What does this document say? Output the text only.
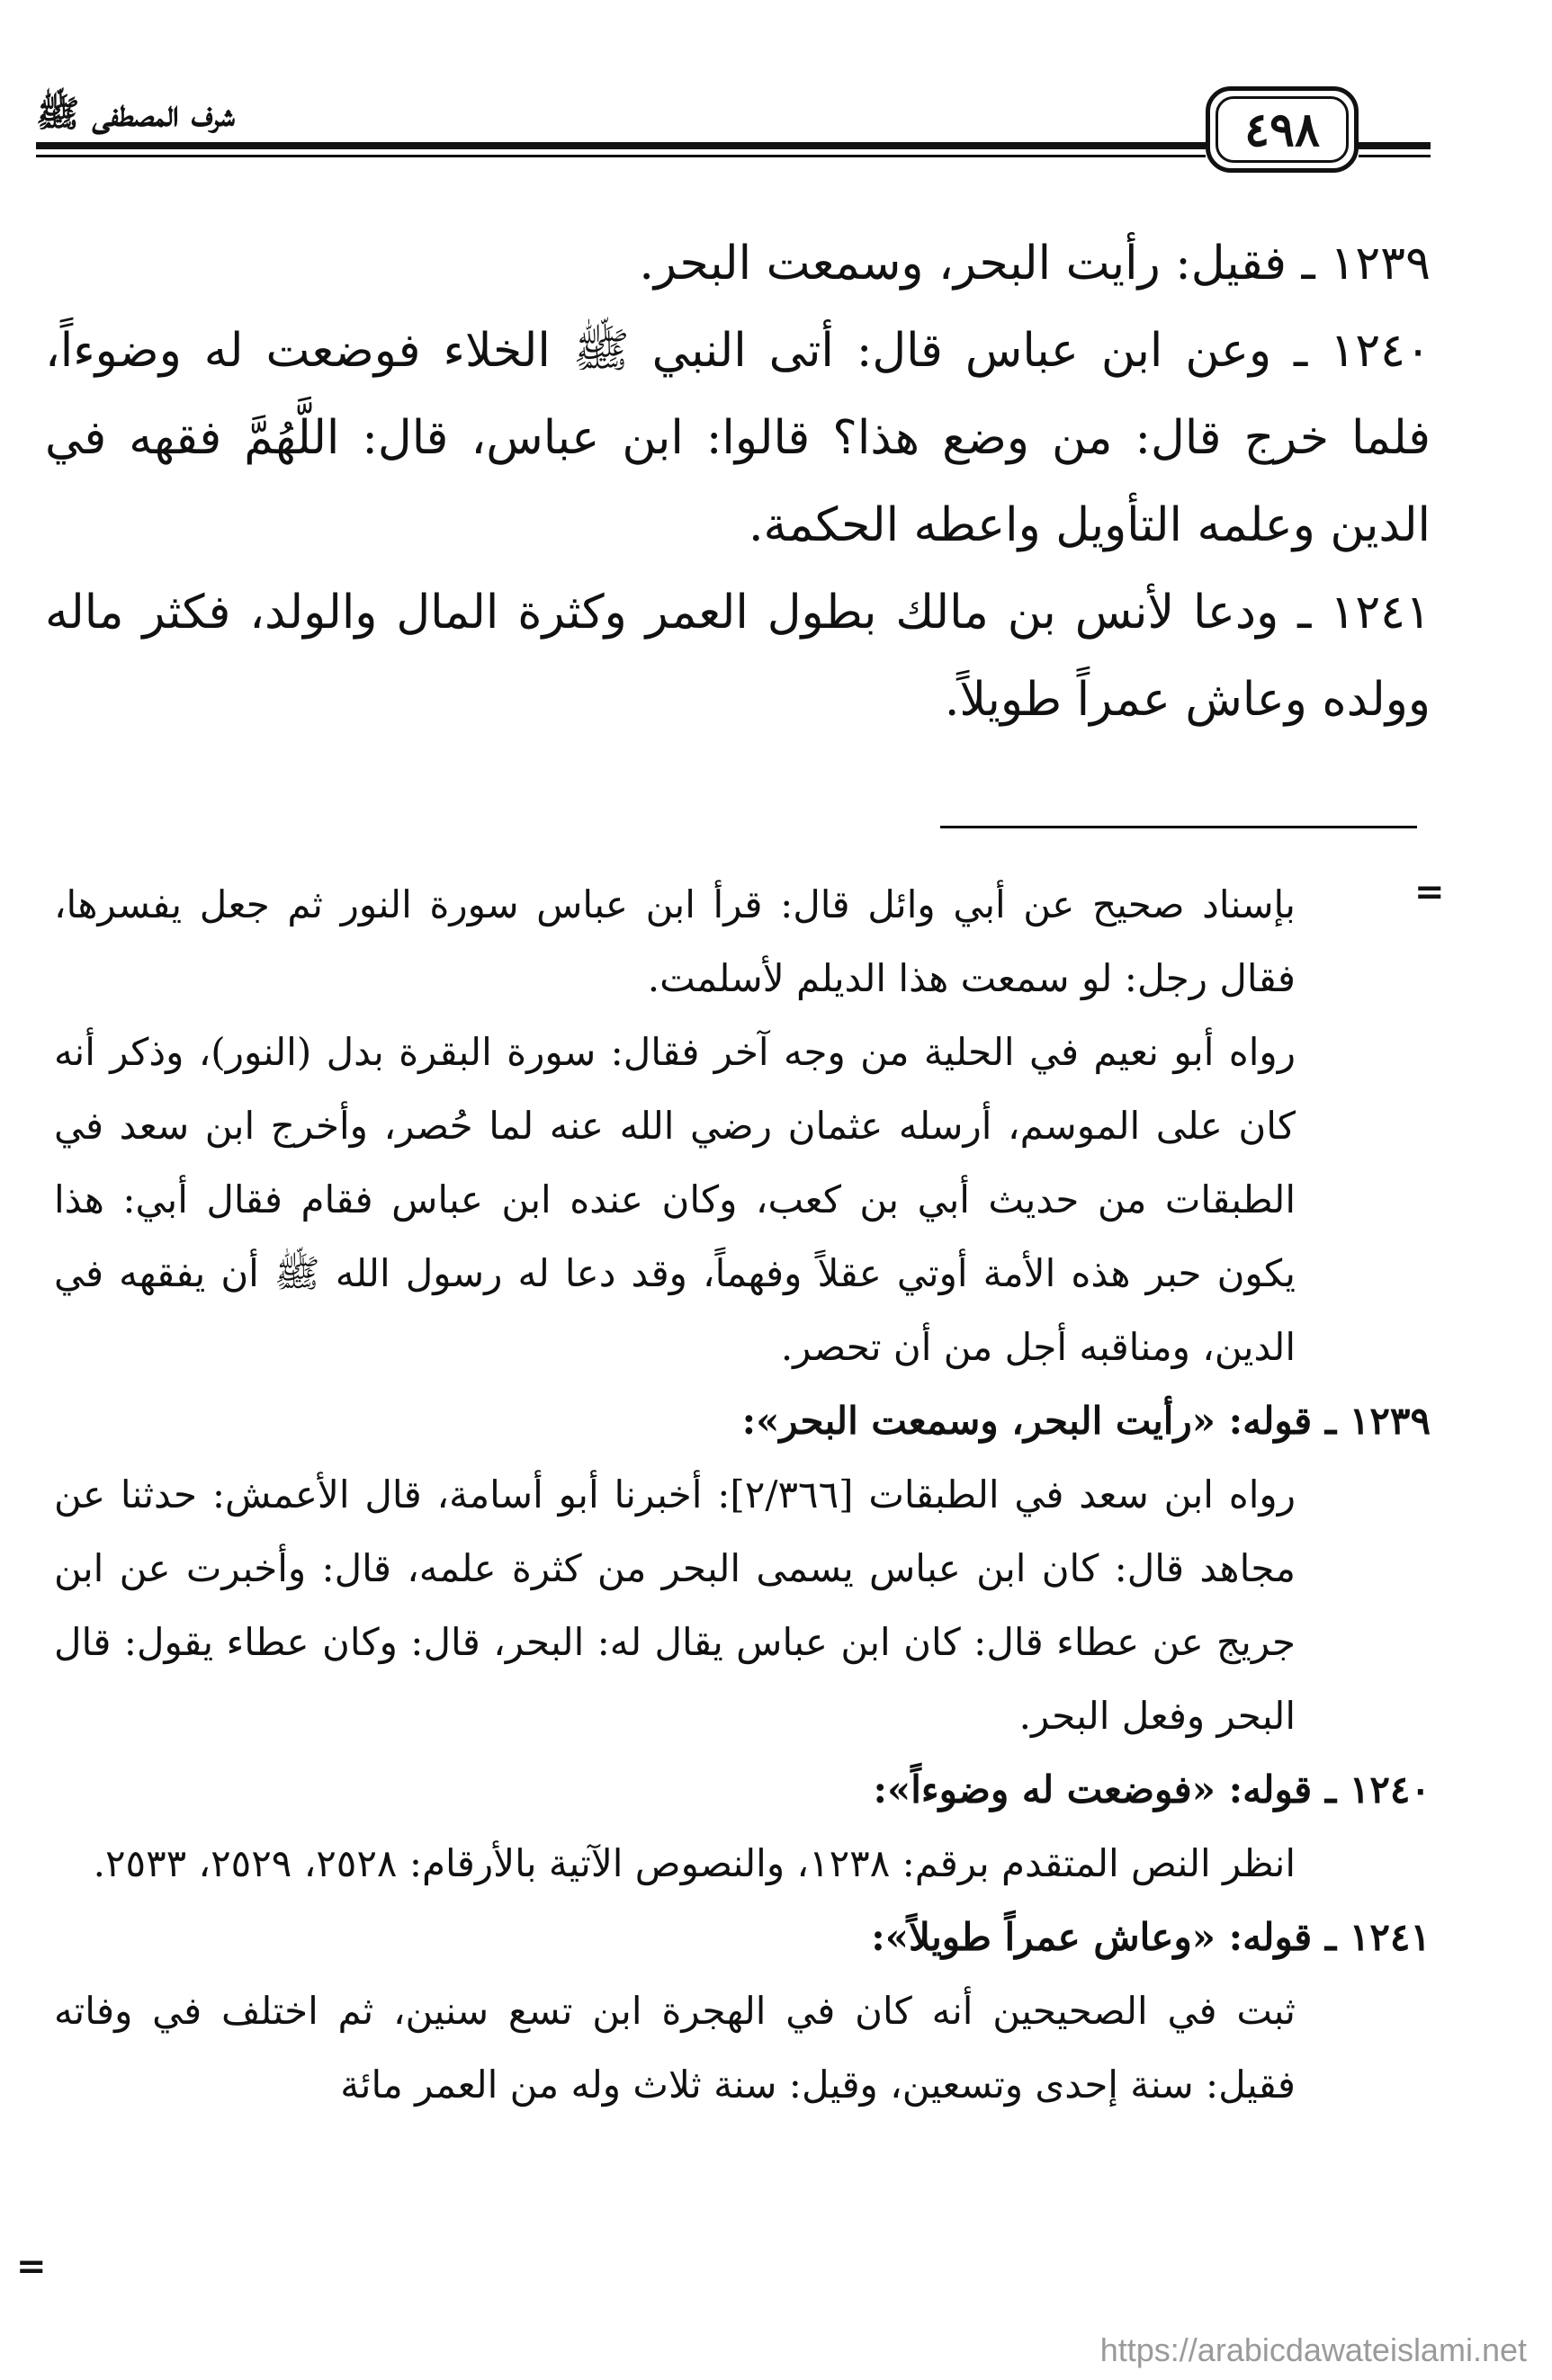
شرف المصطفى ﷺ	٤٩٨

١٢٣٩ ـ فقيل: رأيت البحر، وسمعت البحر.

١٢٤٠ ـ وعن ابن عباس قال: أتى النبي ﷺ الخلاء فوضعت له وضوءاً، فلما خرج قال: من وضع هذا؟ قالوا: ابن عباس، قال: اللَّهُمَّ فقهه في الدين وعلمه التأويل واعطه الحكمة.

١٢٤١ ـ ودعا لأنس بن مالك بطول العمر وكثرة المال والولد، فكثر ماله وولده وعاش عمراً طويلاً.

=

بإسناد صحيح عن أبي وائل قال: قرأ ابن عباس سورة النور ثم جعل يفسرها، فقال رجل: لو سمعت هذا الديلم لأسلمت.

رواه أبو نعيم في الحلية من وجه آخر فقال: سورة البقرة بدل (النور)، وذكر أنه كان على الموسم، أرسله عثمان رضي الله عنه لما حُصر، وأخرج ابن سعد في الطبقات من حديث أبي بن كعب، وكان عنده ابن عباس فقام فقال أبي: هذا يكون حبر هذه الأمة أوتي عقلاً وفهماً، وقد دعا له رسول الله ﷺ أن يفقهه في الدين، ومناقبه أجل من أن تحصر.

١٢٣٩ ـ قوله: «رأيت البحر، وسمعت البحر»:

رواه ابن سعد في الطبقات [٢/٣٦٦]: أخبرنا أبو أسامة، قال الأعمش: حدثنا عن مجاهد قال: كان ابن عباس يسمى البحر من كثرة علمه، قال: وأخبرت عن ابن جريج عن عطاء قال: كان ابن عباس يقال له: البحر، قال: وكان عطاء يقول: قال البحر وفعل البحر.

١٢٤٠ ـ قوله: «فوضعت له وضوءاً»:

انظر النص المتقدم برقم: ١٢٣٨، والنصوص الآتية بالأرقام: ٢٥٢٨، ٢٥٢٩، ٢٥٣٣.

١٢٤١ ـ قوله: «وعاش عمراً طويلاً»:

ثبت في الصحيحين أنه كان في الهجرة ابن تسع سنين، ثم اختلف في وفاته فقيل: سنة إحدى وتسعين، وقيل: سنة ثلاث وله من العمر مائة

=
https://arabicdawateislami.net
